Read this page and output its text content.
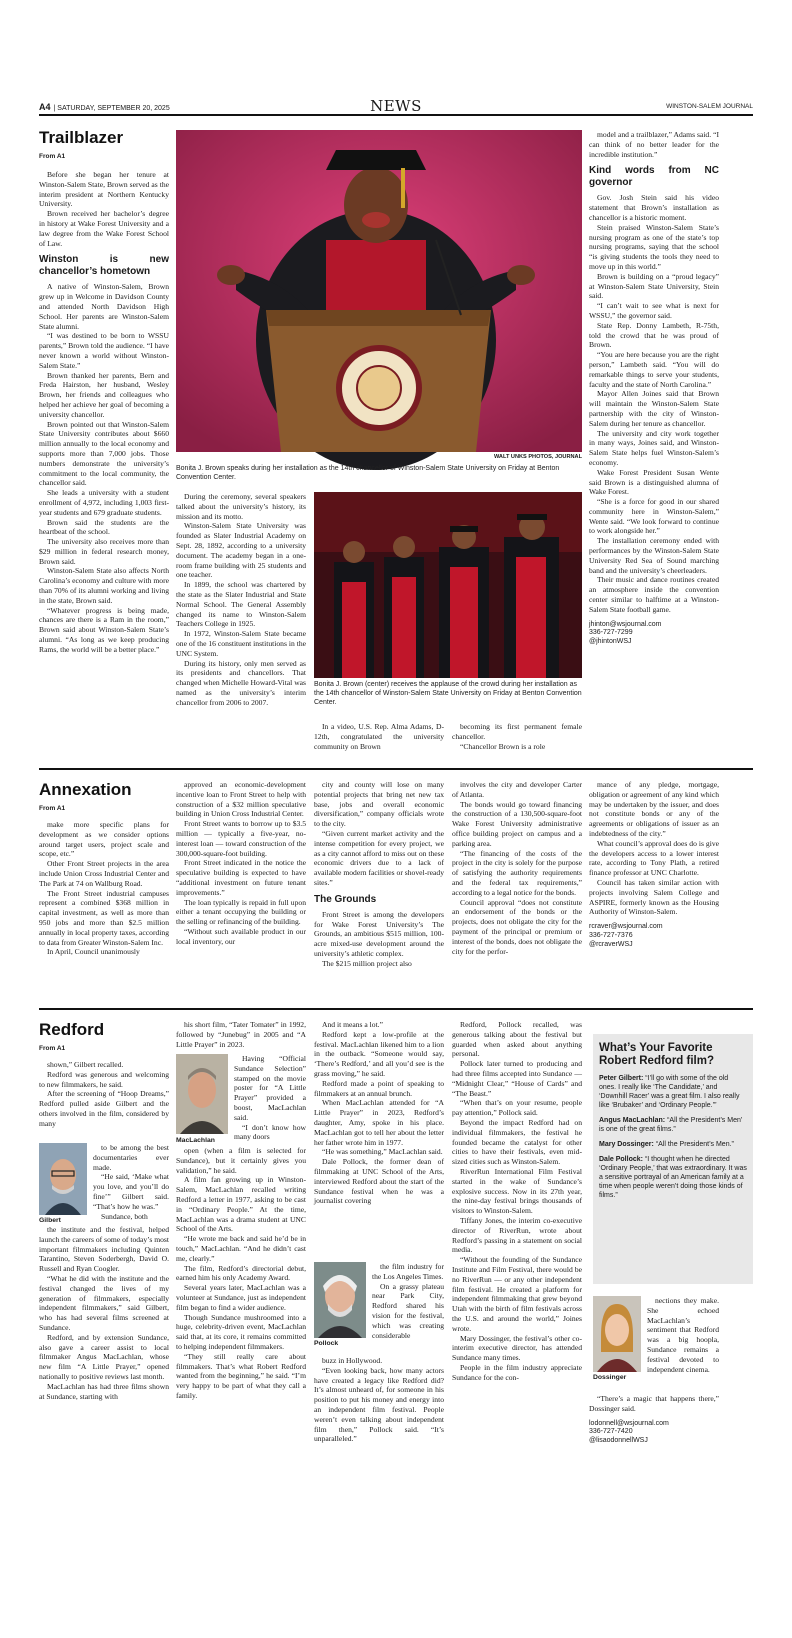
A4 | SATURDAY, SEPTEMBER 20, 2025	NEWS	WINSTON-SALEM JOURNAL
Trailblazer
From A1

Before she began her tenure at Winston-Salem State, Brown served as the interim president at Northern Kentucky University.

Brown received her bachelor’s degree in history at Wake Forest University and a law degree from the Wake Forest School of Law.

Winston is new chancellor’s hometown

A native of Winston-Salem, Brown grew up in Welcome in Davidson County and attended North Davidson High School. Her parents are Winston-Salem State alumni.

“I was destined to be born to WSSU parents,” Brown told the audience. “I have never known a world without Winston-Salem State.”

Brown thanked her parents, Bern and Freda Hairston, her husband, Wesley Brown, her friends and colleagues who helped her achieve her goal of becoming a university chancellor.

Brown pointed out that Winston-Salem State University contributes about $660 million annually to the local economy and supports more than 7,000 jobs. Those numbers demonstrate the university’s commitment to the local community, the chancellor said.

She leads a university with a student enrollment of 4,972, including 1,003 first-year students and 679 graduate students.

Brown said the students are the heartbeat of the school.

The university also receives more than $29 million in federal research money, Brown said.

Winston-Salem State also affects North Carolina’s economy and culture with more than 70% of its alumni working and living in the state, Brown said.

“Whatever progress is being made, chances are there is a Ram in the room,” Brown said about Winston-Salem State’s alumni. “As long as we keep producing Rams, the world will be a better place.”

WALT UNKS PHOTOS, JOURNAL
Bonita J. Brown speaks during her installation as the 14th chancellor of Winston-Salem State University on Friday at Benton Convention Center.

During the ceremony, several speakers talked about the university’s history, its mission and its motto.

Winston-Salem State University was founded as Slater Industrial Academy on Sept. 28, 1892, according to a university document. The academy began in a one-room frame building with 25 students and one teacher.

In 1899, the school was chartered by the state as the Slater Industrial and State Normal School. The General Assembly changed its name to Winston-Salem Teachers College in 1925.

In 1972, Winston-Salem State became one of the 16 constituent institutions in the UNC System.

During its history, only men served as its presidents and chancellors. That changed when Michelle Howard-Vital was named as the university’s interim chancellor from 2006 to 2007.

Bonita J. Brown (center) receives the applause of the crowd during her installation as the 14th chancellor of Winston-Salem State University on Friday at Benton Convention Center.

In a video, U.S. Rep. Alma Adams, D-12th, congratulated the university community on Brown

becoming its first permanent female chancellor.

“Chancellor Brown is a role

model and a trailblazer,” Adams said. “I can think of no better leader for the incredible institution.”

Kind words from NC governor

Gov. Josh Stein said his video statement that Brown’s installation as chancellor is a historic moment.

Stein praised Winston-Salem State’s nursing program as one of the state’s top nursing programs, saying that the school “is giving students the tools they need to move up in this world.”

Brown is building on a “proud legacy” at Winston-Salem State University, Stein said.

“I can’t wait to see what is next for WSSU,” the governor said.

State Rep. Donny Lambeth, R-75th, told the crowd that he was proud of Brown.

“You are here because you are the right person,” Lambeth said. “You will do remarkable things to serve your students, faculty and the state of North Carolina.”

Mayor Allen Joines said that Brown will maintain the Winston-Salem State partnership with the city of Winston-Salem during her tenure as chancellor.

The university and city work together in many ways, Joines said, and Winston-Salem State helps fuel Winston-Salem’s economy.

Wake Forest President Susan Wente said Brown is a distinguished alumna of Wake Forest.

“She is a force for good in our shared community here in Winston-Salem,” Wente said. “We look forward to continue to work alongside her.”

The installation ceremony ended with performances by the Winston-Salem State University Red Sea of Sound marching band and the university’s cheerleaders.

Their music and dance routines created an atmosphere inside the convention center similar to halftime at a Winston-Salem State football game.

jhinton@wsjournal.com
336-727-7299
@jhintonWSJ
Annexation
From A1

make more specific plans for development as we consider options around target users, project scale and scope, etc.”

Other Front Street projects in the area include Union Cross Industrial Center and The Park at 74 on Wallburg Road.

The Front Street industrial campuses represent a combined $368 million in capital investment, as well as more than 950 jobs and more than $2.5 million annually in local property taxes, according to data from Greater Winston-Salem Inc.

In April, Council unanimously

approved an economic-development incentive loan to Front Street to help with construction of a $32 million speculative building in Union Cross Industrial Center.

Front Street wants to borrow up to $3.5 million — typically a five-year, no-interest loan — toward construction of the 300,000-square-foot building.

Front Street indicated in the notice the speculative building is expected to have “additional investment on future tenant improvements.”

The loan typically is repaid in full upon either a tenant occupying the building or the selling or refinancing of the building.

“Without such available product in our local inventory, our

city and county will lose on many potential projects that bring net new tax base, jobs and overall economic diversification,” company officials wrote to the city.

“Given current market activity and the intense competition for every project, we as a city cannot afford to miss out on these economic drivers due to a lack of available modern facilities or shovel-ready sites.”

The Grounds

Front Street is among the developers for Wake Forest University’s The Grounds, an ambitious $515 million, 100-acre mixed-use development around the university’s athletic complex.

The $215 million project also

involves the city and developer Carter of Atlanta.

The bonds would go toward financing the construction of a 130,500-square-foot Wake Forest University administrative office building project on campus and a parking area.

“The financing of the costs of the project in the city is solely for the purpose of satisfying the authority requirements and the federal tax requirements,” according to a legal notice for the bonds.

Council approval “does not constitute an endorsement of the bonds or the projects, does not obligate the city for the payment of the principal or premium or interest of the bonds, does not obligate the city for the perfor-

mance of any pledge, mortgage, obligation or agreement of any kind which may be undertaken by the issuer, and does not constitute bonds or any of the agreements or obligations of issuer as an indebtedness of the city.”

What council’s approval does do is give the developers access to a lower interest rate, according to Tony Plath, a retired finance professor at UNC Charlotte.

Council has taken similar action with projects involving Salem College and ASPIRE, formerly known as the Housing Authority of Winston-Salem.

rcraver@wsjournal.com
336-727-7376
@rcraverWSJ
Redford
From A1

shown,” Gilbert recalled.

Redford was generous and welcoming to new filmmakers, he said.

After the screening of “Hoop Dreams,” Redford pulled aside Gilbert and the others involved in the film, considered by many

Gilbert

to be among the best documentaries ever made.

“He said, ‘Make what you love, and you’ll do fine’” Gilbert said. “That’s how he was.”

Sundance, both

the institute and the festival, helped launch the careers of some of today’s most important filmmakers including Quinten Tarantino, Steven Soderbergh, David O. Russell and Ryan Coogler.

“What he did with the institute and the festival changed the lives of my generation of filmmakers, especially independent filmmakers,” said Gilbert, who has had several films screened at Sundance.

Redford, and by extension Sundance, also gave a career assist to local filmmaker Angus MacLachlan, whose new film “A Little Prayer,” opened nationally to positive reviews last month.

MacLachlan has had three films shown at Sundance, starting with

his short film, “Tater Tomater” in 1992, followed by “Junebug” in 2005 and “A Little Prayer” in 2023.

MacLachlan

Having “Official Sundance Selection” stamped on the movie poster for “A Little Prayer” provided a boost, MacLachlan said.

“I don’t know how many doors

open (when a film is selected for Sundance), but it certainly gives you validation,” he said.

A film fan growing up in Winston-Salem, MacLachlan recalled writing Redford a letter in 1977, asking to be cast in “Ordinary People.” At the time, MacLachlan was a drama student at UNC School of the Arts.

“He wrote me back and said he’d be in touch,” MacLachlan. “And he didn’t cast me, clearly.”

The film, Redford’s directorial debut, earned him his only Academy Award.

Several years later, MacLachlan was a volunteer at Sundance, just as independent film began to find a wider audience.

Though Sundance mushroomed into a huge, celebrity-driven event, MacLachlan said that, at its core, it remains committed to helping independent filmmakers.

“They still really care about filmmakers. That’s what Robert Redford wanted from the beginning,” he said. “I’m very happy to be part of what they call a family.

And it means a lot.”

Redford kept a low-profile at the festival. MacLachlan likened him to a lion in the outback. “Someone would say, ‘There’s Redford,’ and all you’d see is the grass moving,” he said.

Redford made a point of speaking to filmmakers at an annual brunch.

When MacLachlan attended for “A Little Prayer” in 2023, Redford’s daughter, Amy, spoke in his place. MacLachlan got to tell her about the letter her father wrote him in 1977.

“He was something,” MacLachlan said.

Dale Pollock, the former dean of filmmaking at UNC School of the Arts, interviewed Redford about the start of the Sundance festival when he was a journalist covering

Pollock

the film industry for the Los Angeles Times.

On a grassy plateau near Park City, Redford shared his vision for the festival, which was creating considerable

buzz in Hollywood.

“Even looking back, how many actors have created a legacy like Redford did? It’s almost unheard of, for someone in his position to put his money and energy into an independent film festival. People weren’t even talking about independent film then,” Pollock said. “It’s unparalleled.”

Redford, Pollock recalled, was generous talking about the festival but guarded when asked about anything personal.

Pollock later turned to producing and had three films accepted into Sundance — “Midnight Clear,” “House of Cards” and “The Beast.”

“When that’s on your resume, people pay attention,” Pollock said.

Beyond the impact Redford had on individual filmmakers, the festival he founded became the catalyst for other cities to have their festivals, even mid-sized cities such as Winston-Salem.

RiverRun International Film Festival started in the wake of Sundance’s explosive success. Now in its 27th year, the nine-day festival brings thousands of visitors to Winston-Salem.

Tiffany Jones, the interim co-executive director of RiverRun, wrote about Redford’s passing in a statement on social media.

“Without the founding of the Sundance Institute and Film Festival, there would be no RiverRun — or any other independent film festival. He created a platform for independent filmmaking that grew beyond Utah with the birth of film festivals across the U.S. and around the world,” Joines wrote.

Mary Dossinger, the festival’s other co-interim executive director, has attended Sundance many times.

People in the film industry appreciate Sundance for the con-

What’s Your Favorite Robert Redford film?

Peter Gilbert: “I’ll go with some of the old ones. I really like ‘The Candidate,’ and ‘Downhill Racer’ was a great film. I also really like ‘Brubaker’ and ‘Ordinary People.’”

Angus MacLachlan: “All the President’s Men’ is one of the great films.”

Mary Dossinger: “All the President’s Men.”

Dale Pollock: “I thought when he directed ‘Ordinary People,’ that was extraordinary. It was a sensitive portrayal of an American family at a time when people weren’t doing those kinds of films.”

Dossinger

nections they make. She echoed MacLachlan’s sentiment that Redford was a big hoopla, Sundance remains a festival devoted to independent cinema.

“There’s a magic that happens there,” Dossinger said.

lodonnell@wsjournal.com
336-727-7420
@lisaodonnellWSJ
